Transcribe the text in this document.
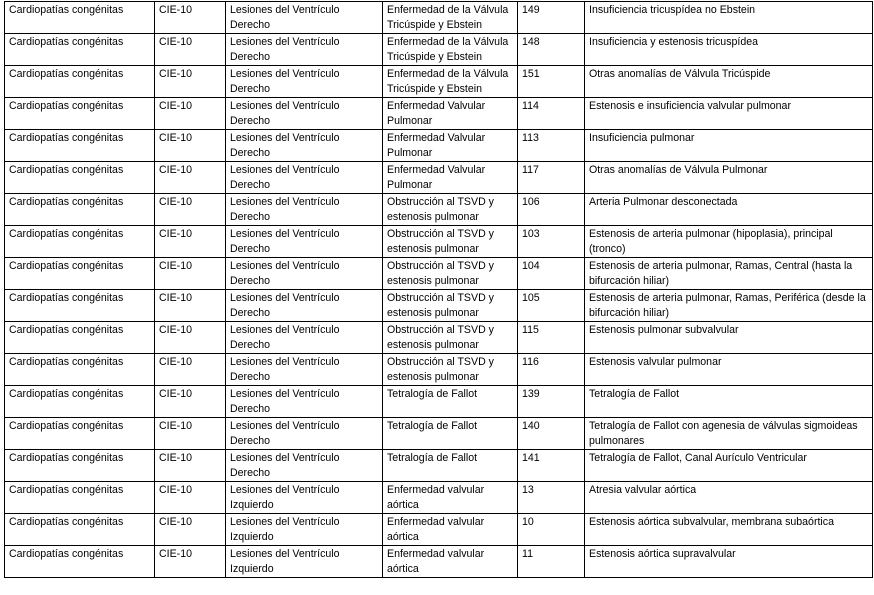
Cardiopatías congénitas	CIE-10	Lesiones del Ventrículo Derecho	Enfermedad de la Válvula Tricúspide y Ebstein	149	Insuficiencia tricuspídea no Ebstein
Cardiopatías congénitas	CIE-10	Lesiones del Ventrículo Derecho	Enfermedad de la Válvula Tricúspide y Ebstein	148	Insuficiencia y estenosis tricuspídea
Cardiopatías congénitas	CIE-10	Lesiones del Ventrículo Derecho	Enfermedad de la Válvula Tricúspide y Ebstein	151	Otras anomalías de Válvula Tricúspide
Cardiopatías congénitas	CIE-10	Lesiones del Ventrículo Derecho	Enfermedad Valvular Pulmonar	114	Estenosis e insuficiencia valvular pulmonar
Cardiopatías congénitas	CIE-10	Lesiones del Ventrículo Derecho	Enfermedad Valvular Pulmonar	113	Insuficiencia pulmonar
Cardiopatías congénitas	CIE-10	Lesiones del Ventrículo Derecho	Enfermedad Valvular Pulmonar	117	Otras anomalías de Válvula Pulmonar
Cardiopatías congénitas	CIE-10	Lesiones del Ventrículo Derecho	Obstrucción al TSVD y estenosis pulmonar	106	Arteria Pulmonar desconectada
Cardiopatías congénitas	CIE-10	Lesiones del Ventrículo Derecho	Obstrucción al TSVD y estenosis pulmonar	103	Estenosis de arteria pulmonar (hipoplasia), principal (tronco)
Cardiopatías congénitas	CIE-10	Lesiones del Ventrículo Derecho	Obstrucción al TSVD y estenosis pulmonar	104	Estenosis de arteria pulmonar, Ramas, Central (hasta la bifurcación hiliar)
Cardiopatías congénitas	CIE-10	Lesiones del Ventrículo Derecho	Obstrucción al TSVD y estenosis pulmonar	105	Estenosis de arteria pulmonar, Ramas, Periférica (desde la bifurcación hiliar)
Cardiopatías congénitas	CIE-10	Lesiones del Ventrículo Derecho	Obstrucción al TSVD y estenosis pulmonar	115	Estenosis pulmonar subvalvular
Cardiopatías congénitas	CIE-10	Lesiones del Ventrículo Derecho	Obstrucción al TSVD y estenosis pulmonar	116	Estenosis valvular pulmonar
Cardiopatías congénitas	CIE-10	Lesiones del Ventrículo Derecho	Tetralogía de Fallot	139	Tetralogía de Fallot
Cardiopatías congénitas	CIE-10	Lesiones del Ventrículo Derecho	Tetralogía de Fallot	140	Tetralogía de Fallot con agenesia de válvulas sigmoideas pulmonares
Cardiopatías congénitas	CIE-10	Lesiones del Ventrículo Derecho	Tetralogía de Fallot	141	Tetralogía de Fallot, Canal Aurículo Ventricular
Cardiopatías congénitas	CIE-10	Lesiones del Ventrículo Izquierdo	Enfermedad valvular aórtica	13	Atresia valvular aórtica
Cardiopatías congénitas	CIE-10	Lesiones del Ventrículo Izquierdo	Enfermedad valvular aórtica	10	Estenosis aórtica subvalvular, membrana subaórtica
Cardiopatías congénitas	CIE-10	Lesiones del Ventrículo Izquierdo	Enfermedad valvular aórtica	11	Estenosis aórtica supravalvular
